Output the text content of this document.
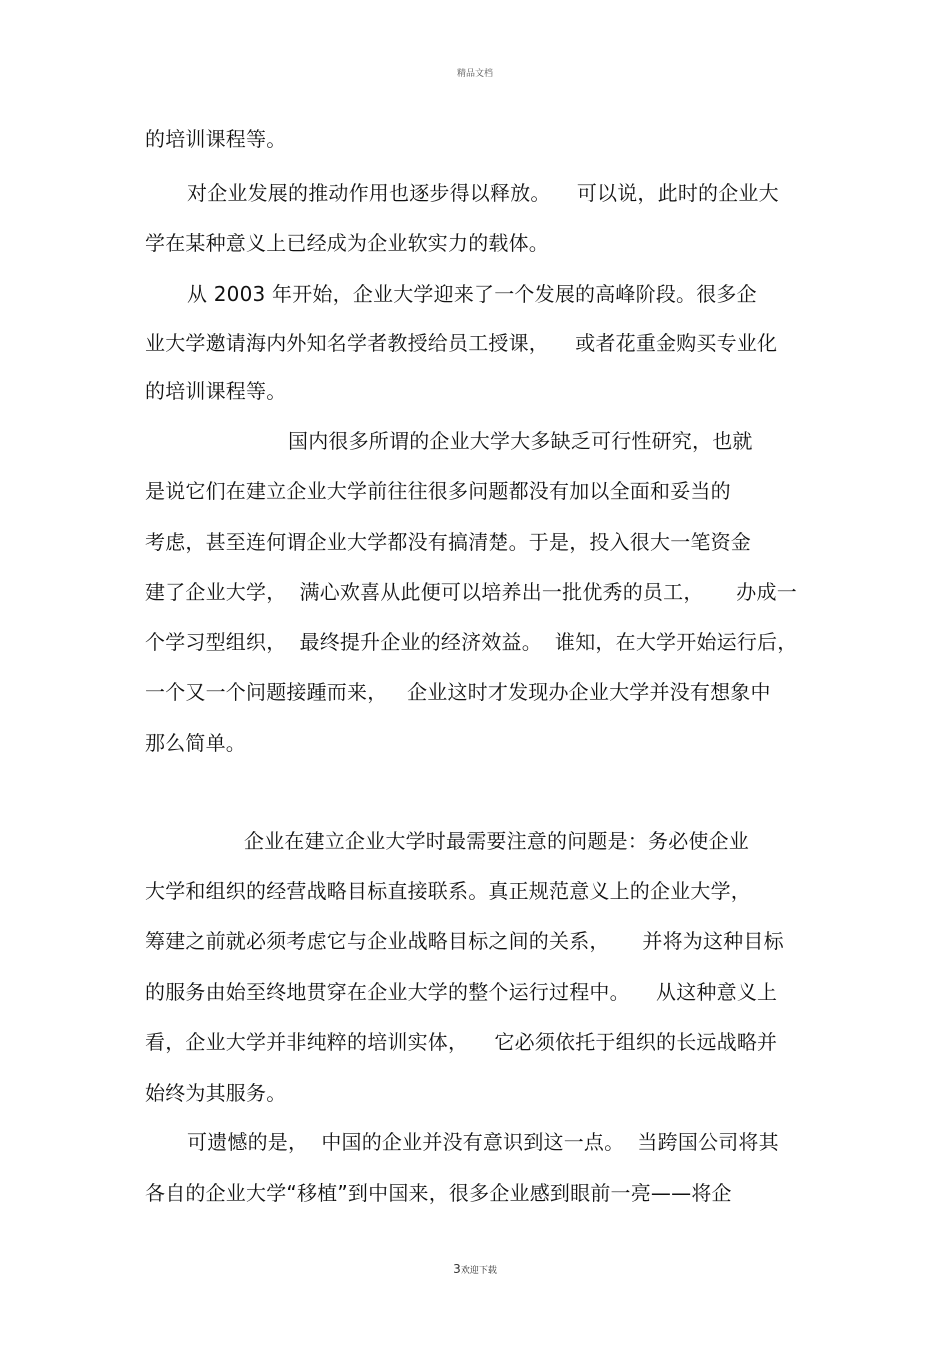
精品文档
的培训课程等。
对企业发展的推动作用也逐步得以释放。    可以说，此时的企业大
学在某种意义上已经成为企业软实力的载体。
从 2003 年开始，企业大学迎来了一个发展的高峰阶段。很多企
业大学邀请海内外知名学者教授给员工授课，    或者花重金购买专业化
的培训课程等。
国内很多所谓的企业大学大多缺乏可行性研究，也就
是说它们在建立企业大学前往往很多问题都没有加以全面和妥当的
考虑，甚至连何谓企业大学都没有搞清楚。于是，投入很大一笔资金
建了企业大学，  满心欢喜从此便可以培养出一批优秀的员工，     办成一
个学习型组织，  最终提升企业的经济效益。  谁知，在大学开始运行后，
一个又一个问题接踵而来，   企业这时才发现办企业大学并没有想象中
那么简单。
企业在建立企业大学时最需要注意的问题是：务必使企业
大学和组织的经营战略目标直接联系。真正规范意义上的企业大学，
筹建之前就必须考虑它与企业战略目标之间的关系，     并将为这种目标
的服务由始至终地贯穿在企业大学的整个运行过程中。    从这种意义上
看，企业大学并非纯粹的培训实体，    它必须依托于组织的长远战略并
始终为其服务。
可遗憾的是，  中国的企业并没有意识到这一点。  当跨国公司将其
各自的企业大学“移植”到中国来，很多企业感到眼前一亮——将企
3欢迎下载
